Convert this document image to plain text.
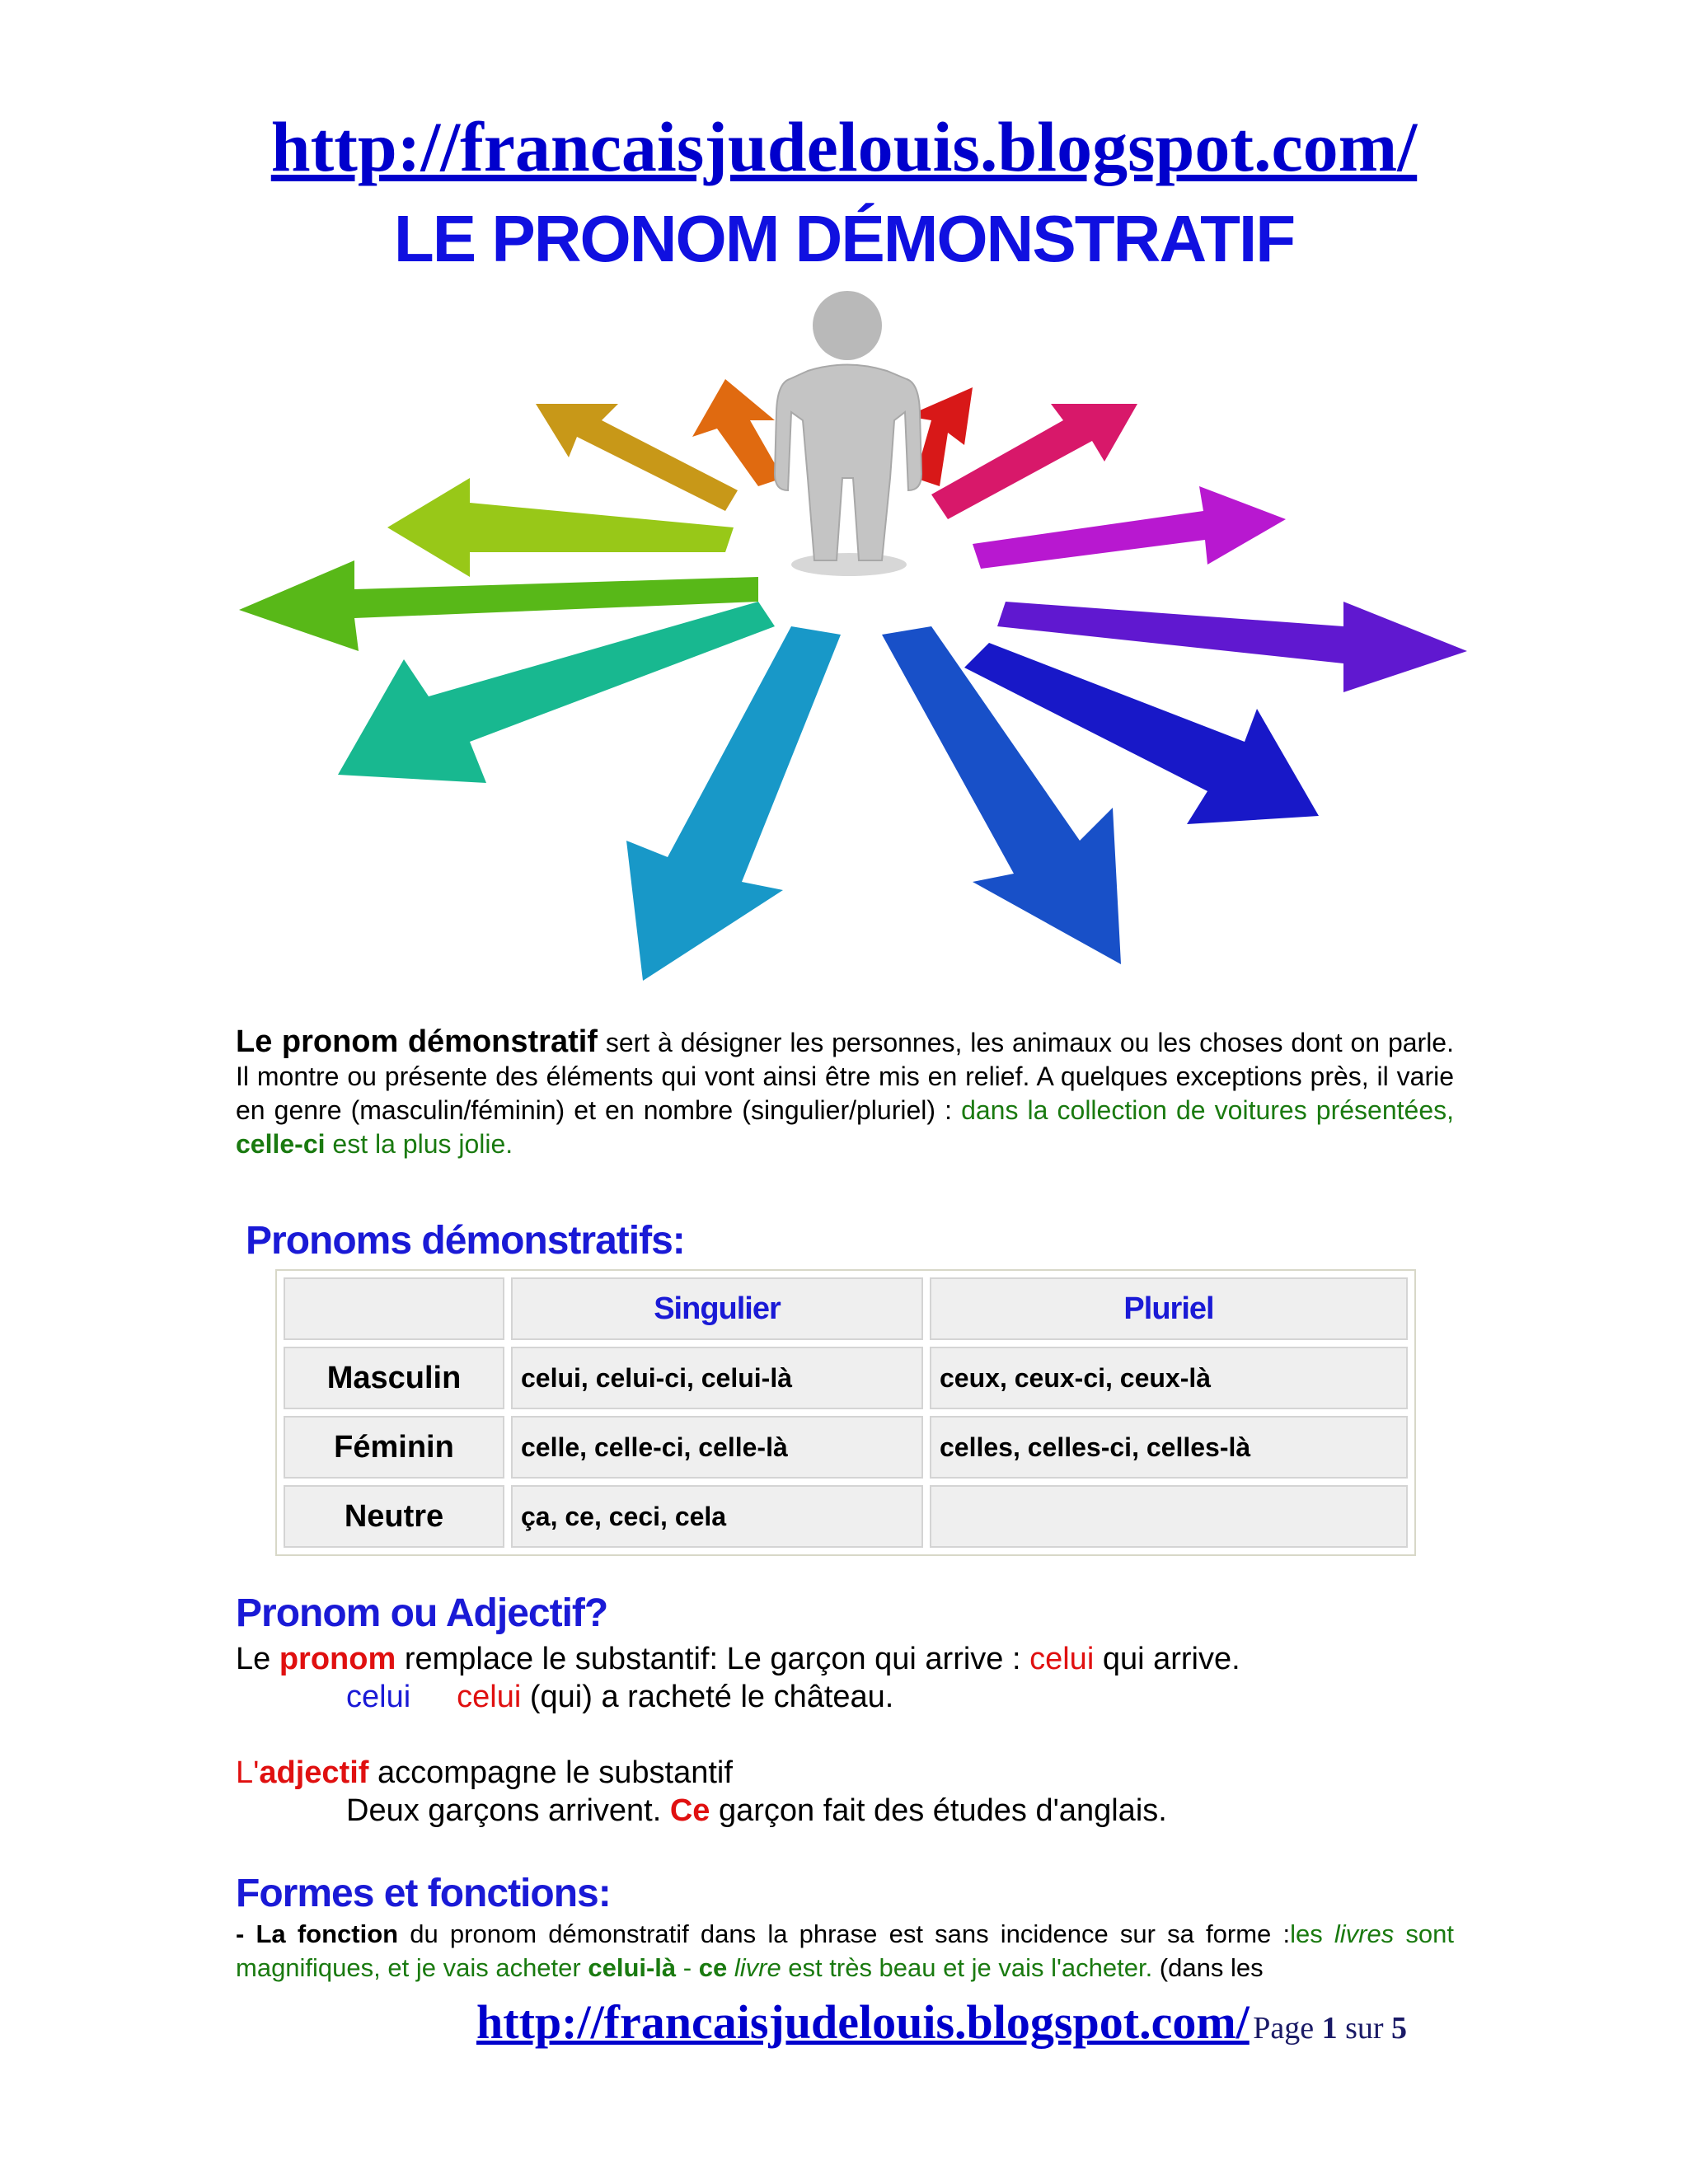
http://francaisjudelouis.blogspot.com/
LE PRONOM DÉMONSTRATIF
Le pronom démonstratif sert à désigner les personnes, les animaux ou les choses dont on parle. Il montre ou présente des éléments qui vont ainsi être mis en relief. A quelques exceptions près, il varie en genre (masculin/féminin) et en nombre (singulier/pluriel) : dans la collection de voitures présentées, celle-ci est la plus jolie.
Pronoms démonstratifs:
	Singulier	Pluriel
Masculin	celui, celui-ci, celui-là	ceux, ceux-ci, ceux-là
Féminin	celle, celle-ci, celle-là	celles, celles-ci, celles-là
Neutre	ça, ce, ceci, cela	
Pronom ou Adjectif?
Le pronom remplace le substantif: Le garçon qui arrive : celui qui arrive.
celui celui (qui) a racheté le château.
L'adjectif accompagne le substantif
Deux garçons arrivent. Ce garçon fait des études d'anglais.
Formes et fonctions:
- La fonction du pronom démonstratif dans la phrase est sans incidence sur sa forme :les livres sont magnifiques, et je vais acheter celui-là - ce livre est très beau et je vais l'acheter. (dans les
http://francaisjudelouis.blogspot.com/ Page 1 sur 5
